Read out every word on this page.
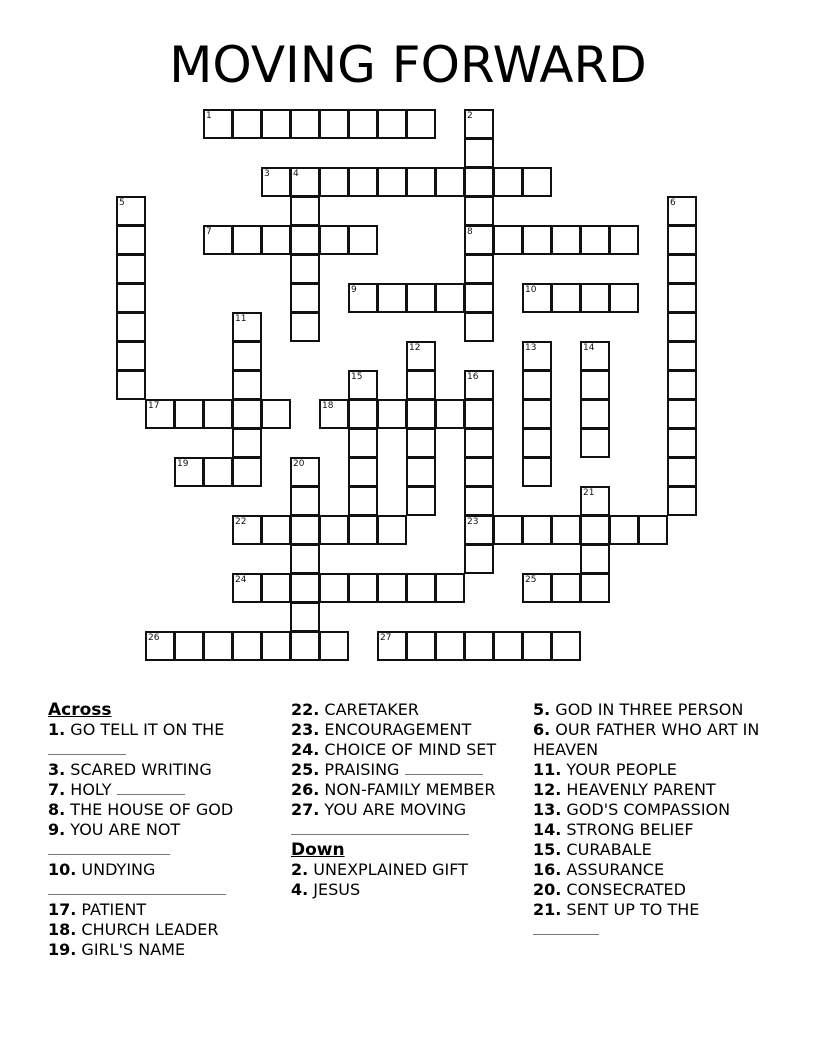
MOVING FORWARD
1	2
8
3	4
5	6
7
9	10
11
12	13	14
15	16
23
17	18
19	20
21
22
24	25
26	27
Across
1. GO TELL IT ON THE
3. SCARED WRITING
7. HOLY
8. THE HOUSE OF GOD
9. YOU ARE NOT
10. UNDYING
17. PATIENT
18. CHURCH LEADER
19. GIRL'S NAME
22. CARETAKER
23. ENCOURAGEMENT
24. CHOICE OF MIND SET
25. PRAISING
26. NON-FAMILY MEMBER
27. YOU ARE MOVING
Down
2. UNEXPLAINED GIFT
4. JESUS
5. GOD IN THREE PERSON
6. OUR FATHER WHO ART IN HEAVEN
11. YOUR PEOPLE
12. HEAVENLY PARENT
13. GOD'S COMPASSION
14. STRONG BELIEF
15. CURABALE
16. ASSURANCE
20. CONSECRATED
21. SENT UP TO THE
